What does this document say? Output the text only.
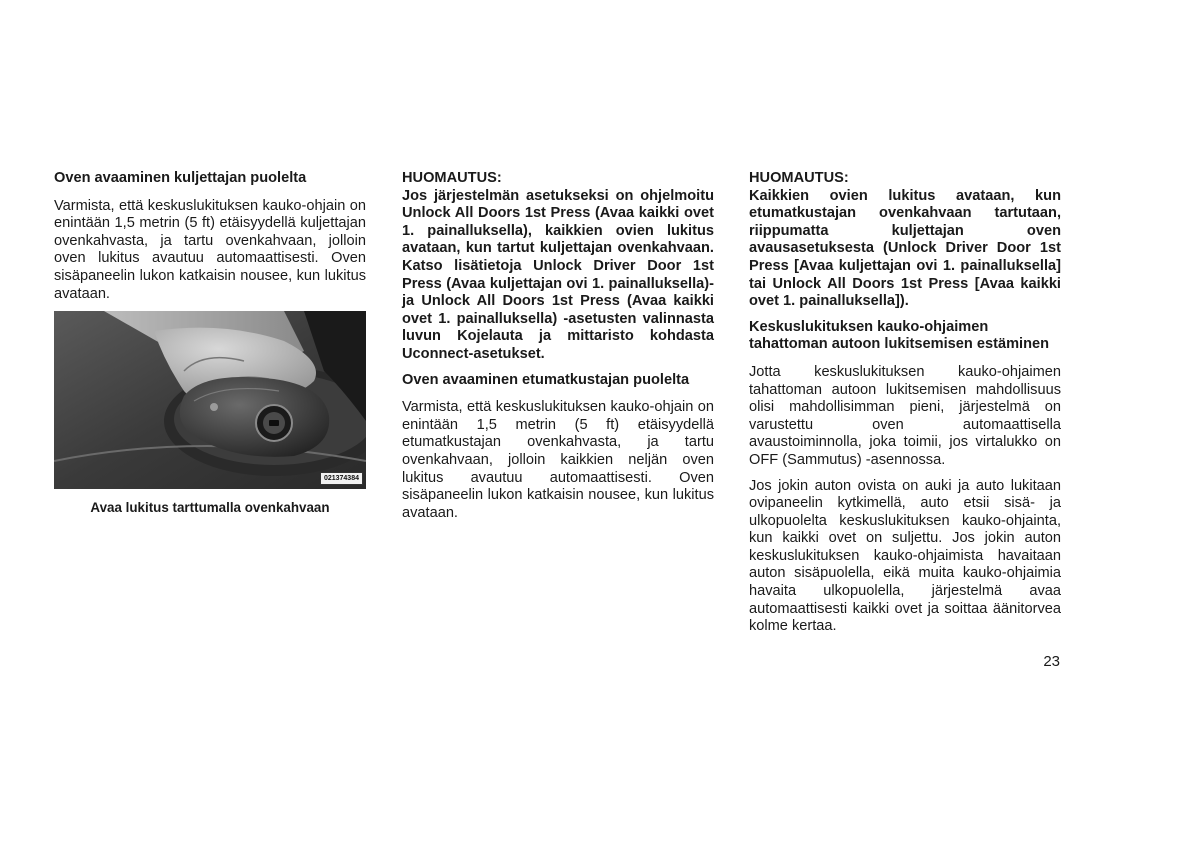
Oven avaaminen kuljettajan puolelta

Varmista, että keskuslukituksen kauko-ohjain on enintään 1,5 metrin (5 ft) etäisyydellä kuljettajan ovenkahvasta, ja tartu ovenkahvaan, jolloin oven lukitus avautuu automaattisesti. Oven sisäpaneelin lukon katkaisin nousee, kun lukitus avataan.

021374384
Avaa lukitus tarttumalla ovenkahvaan

HUOMAUTUS:

Jos järjestelmän asetukseksi on ohjelmoitu Unlock All Doors 1st Press (Avaa kaikki ovet 1. painalluksella), kaikkien ovien lukitus avataan, kun tartut kuljettajan ovenkahvaan. Katso lisätietoja Unlock Driver Door 1st Press (Avaa kuljettajan ovi 1. painalluksella)- ja Unlock All Doors 1st Press (Avaa kaikki ovet 1. painalluksella) -asetusten valinnasta luvun Kojelauta ja mittaristo kohdasta Uconnect-asetukset.

Oven avaaminen etumatkustajan puolelta

Varmista, että keskuslukituksen kauko-ohjain on enintään 1,5 metrin (5 ft) etäisyydellä etumatkustajan ovenkahvasta, ja tartu ovenkahvaan, jolloin kaikkien neljän oven lukitus avautuu automaattisesti. Oven sisäpaneelin lukon katkaisin nousee, kun lukitus avataan.

HUOMAUTUS:

Kaikkien ovien lukitus avataan, kun etumatkustajan ovenkahvaan tartutaan, riippumatta kuljettajan oven avausasetuksesta (Unlock Driver Door 1st Press [Avaa kuljettajan ovi 1. painalluksella] tai Unlock All Doors 1st Press [Avaa kaikki ovet 1. painalluksella]).

Keskuslukituksen kauko-ohjaimen tahattoman autoon lukitsemisen estäminen

Jotta keskuslukituksen kauko-ohjaimen tahattoman autoon lukitsemisen mahdollisuus olisi mahdollisimman pieni, järjestelmä on varustettu oven automaattisella avaustoiminnolla, joka toimii, jos virtalukko on OFF (Sammutus) -asennossa.

Jos jokin auton ovista on auki ja auto lukitaan ovipaneelin kytkimellä, auto etsii sisä- ja ulkopuolelta keskuslukituksen kauko-ohjainta, kun kaikki ovet on suljettu. Jos jokin auton keskuslukituksen kauko-ohjaimista havaitaan auton sisäpuolella, eikä muita kauko-ohjaimia havaita ulkopuolella, järjestelmä avaa automaattisesti kaikki ovet ja soittaa äänitorvea kolme kertaa.

23
